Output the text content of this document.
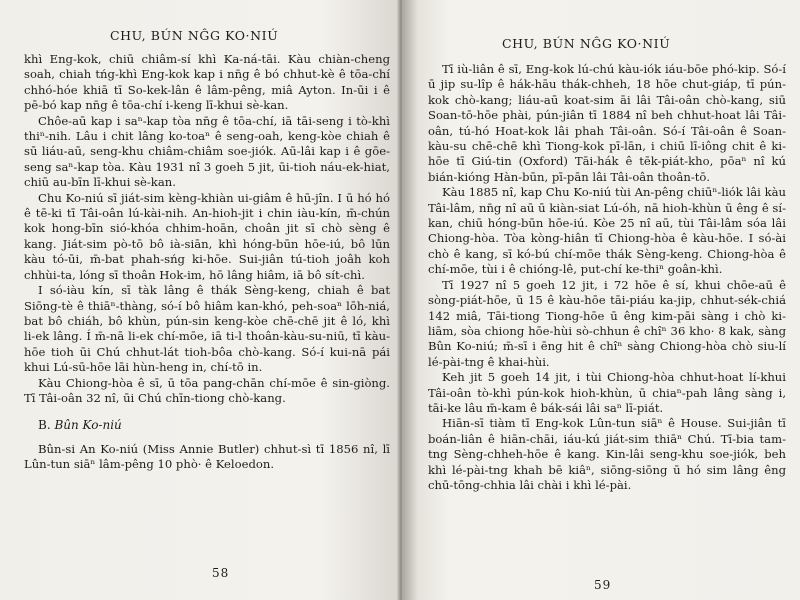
CHU, BÚN NĜG KO·NIÚ

khì Eng-kok, chiū chiâm-sí khì Ka-ná-tāi. Kàu chiàn-cheng soah, chiah tńg-khì Eng-kok kap i nn̄g ê bó chhut-kè ê tōa-chí chhó-hóe khiā tī So-kek-lân ê lâm-pêng, miâ Ayton. In-ūi i ê pē-bó kap nn̄g ê tōa-chí i-keng lī-khui sè-kan.

Chôe-aū kap i saⁿ-kap tòa nn̄g ê tōa-chí, iā tāi-seng i tò-khì thiⁿ-nih. Lâu i chit lâng ko-toaⁿ ê seng-oah, keng-kòe chiah ê sū liáu-aū, seng-khu chiâm-chiâm soe-jiók. Aū-lâi kap i ê gōe-seng saⁿ-kap tòa. Kàu 1931 nî 3 goeh 5 jit, ūi-tioh náu-ek-hiat, chiū au-bīn lī-khui sè-kan.

Chu Ko-niú sī jiát-sim kèng-khiàn ui-giâm ê hū-jîn. I ū hó hó ê tē-ki tī Tâi-oân lú-kài-nih. An-hioh-jit i chin iàu-kín, m̄-chún kok hong-bīn sió-khóa chhim-hoān, choân jit sī chò sèng ê kang. Jiát-sim pò-tō bô ià-siān, khì hóng-būn hōe-iú, bô lūn kàu tó-ūi, m̄-bat phah-sńg ki-hōe. Sui-jiân tú-tioh joâh koh chhùi-ta, lóng sī thoân Hok-im, hō lâng hiâm, iā bô sít-chì.

I só-iàu kín, sī tàk lâng ê thák Sèng-keng, chiah ê bat Siōng-tè ê thiāⁿ-thàng, só-í bô hiâm kan-khó, peh-soaⁿ lōh-niá, bat bô chiáh, bô khùn, pún-sin keng-kòe chē-chē jit ê ló, khì li-ek lâng. Í m̄-nā li-ek chí-mōe, iā ti-l thoân-kàu-su-niū, tī kàu-hōe tioh ūi Chú chhut-lát tioh-bôa chò-kang. Só-í kui-nā pái khui Lú-sū-hōe lāi hùn-heng in, chí-tō in.

Kàu Chiong-hòa ê sī, ū tōa pang-chān chí-mōe ê sin-giòng. Tī Tâi-oân 32 nî, ūi Chú chīn-tiong chò-kang.

B. Bûn Ko-niú

Bûn-si An Ko-niú (Miss Annie Butler) chhut-sì tī 1856 nî, lī Lûn-tun siāⁿ lâm-pêng 10 phò· ê Keloedon.

58
CHU, BÚN NĜG KO·NIÚ

Tī iù-liân ê sī, Eng-kok lú-chú kàu-iók iáu-bōe phó-kip. Só-í ū jip su-lîp ê hák-hāu thák-chheh, 18 hōe chut-giáp, tī pún-kok chò-kang; liáu-aū koat-sim āi lâi Tâi-oân chò-kang, siū Soan-tō-hōe phài, pún-jiân tī 1884 nî beh chhut-hoat lâi Tâi-oân, tú-hó Hoat-kok lâi phah Tâi-oân. Só-í Tâi-oân ê Soan-kàu-su chē-chē khì Tiong-kok pī-lān, i chiū lī-iông chit ê ki-hōe tī Giú-tin (Oxford) Tāi-hák ê tēk-piát-kho, pōaⁿ nî kú bián-kióng Hàn-būn, pī-pān lâi Tâi-oân thoân-tō.

Kàu 1885 nî, kap Chu Ko-niú tùi An-pêng chiūⁿ-liók lâi kàu Tâi-lâm, nn̄g nî aū ū kiàn-siat Lú-óh, nā hioh-khùn ū êng ê sí-kan, chiū hóng-būn hōe-iú. Kòe 25 nî aū, tùi Tâi-lâm sóa lâi Chiong-hòa. Tòa kòng-hiân tī Chiong-hòa ê kàu-hōe. I só-ài chò ê kang, sī kó-bú chí-mōe thák Sèng-keng. Chiong-hòa ê chí-mōe, tùi i ê chióng-lê, put-chí ke-thiⁿ goân-khì.

Tī 1927 nî 5 goeh 12 jit, i 72 hōe ê sí, khui chōe-aū ê sòng-piát-hōe, ū 15 ê kàu-hōe tāi-piáu ka-jip, chhut-sék-chiá 142 miâ, Tāi-tiong Tiong-hōe ū êng kim-pāi sàng i chò ki-liām, sòa chiong hōe-hùi sò-chhun ê chîⁿ 36 kho· 8 kak, sàng Bûn Ko-niú; m̄-sī i ēng hit ê chîⁿ sàng Chiong-hòa chò siu-lí lé-pài-tng ê khai-hùi.

Keh jit 5 goeh 14 jit, i tùi Chiong-hòa chhut-hoat lí-khui Tâi-oân tò-khì pún-kok hioh-khùn, ū chiaⁿ-pah lâng sàng i, tāi-ke lâu m̄-kam ê bák-sái lâi saⁿ lī-piát.

Hiān-sī tiàm tī Eng-kok Lûn-tun siāⁿ ê House. Sui-jiân tī boán-liân ê hiān-chāi, iáu-kú jiát-sim thiāⁿ Chú. Tī-bia tam-tng Sèng-chheh-hōe ê kang. Kin-lâi seng-khu soe-jiók, beh khì lé-pài-tng khah bē kiâⁿ, siōng-siōng ū hó sim lâng êng chū-tōng-chhia lâi chài i khì lé-pài.

59
